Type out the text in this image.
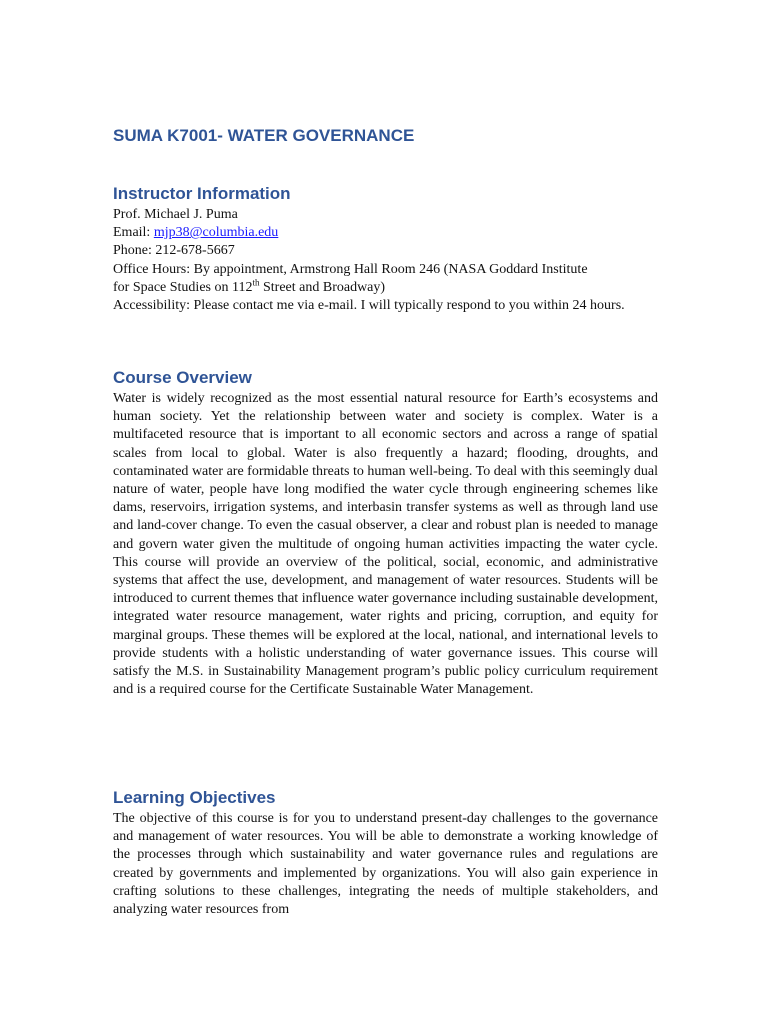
SUMA K7001- WATER GOVERNANCE
Instructor Information
Prof. Michael J. Puma
Email: mjp38@columbia.edu
Phone: 212-678-5667
Office Hours: By appointment, Armstrong Hall Room 246 (NASA Goddard Institute
for Space Studies on 112th Street and Broadway)

Accessibility: Please contact me via e-mail. I will typically respond to you within 24 hours.

Course Overview

Water is widely recognized as the most essential natural resource for Earth’s ecosystems and human society. Yet the relationship between water and society is complex. Water is a multifaceted resource that is important to all economic sectors and across a range of spatial scales from local to global. Water is also frequently a hazard; flooding, droughts, and contaminated water are formidable threats to human well-being. To deal with this seemingly dual nature of water, people have long modified the water cycle through engineering schemes like dams, reservoirs, irrigation systems, and interbasin transfer systems as well as through land use and land-cover change. To even the casual observer, a clear and robust plan is needed to manage and govern water given the multitude of ongoing human activities impacting the water cycle. This course will provide an overview of the political, social, economic, and administrative systems that affect the use, development, and management of water resources. Students will be introduced to current themes that influence water governance including sustainable development, integrated water resource management, water rights and pricing, corruption, and equity for marginal groups. These themes will be explored at the local, national, and international levels to provide students with a holistic understanding of water governance issues. This course will satisfy the M.S. in Sustainability Management program’s public policy curriculum requirement and is a required course for the Certificate Sustainable Water Management.

Learning Objectives

The objective of this course is for you to understand present-day challenges to the governance and management of water resources. You will be able to demonstrate a working knowledge of the processes through which sustainability and water governance rules and regulations are created by governments and implemented by organizations. You will also gain experience in crafting solutions to these challenges, integrating the needs of multiple stakeholders, and analyzing water resources from
